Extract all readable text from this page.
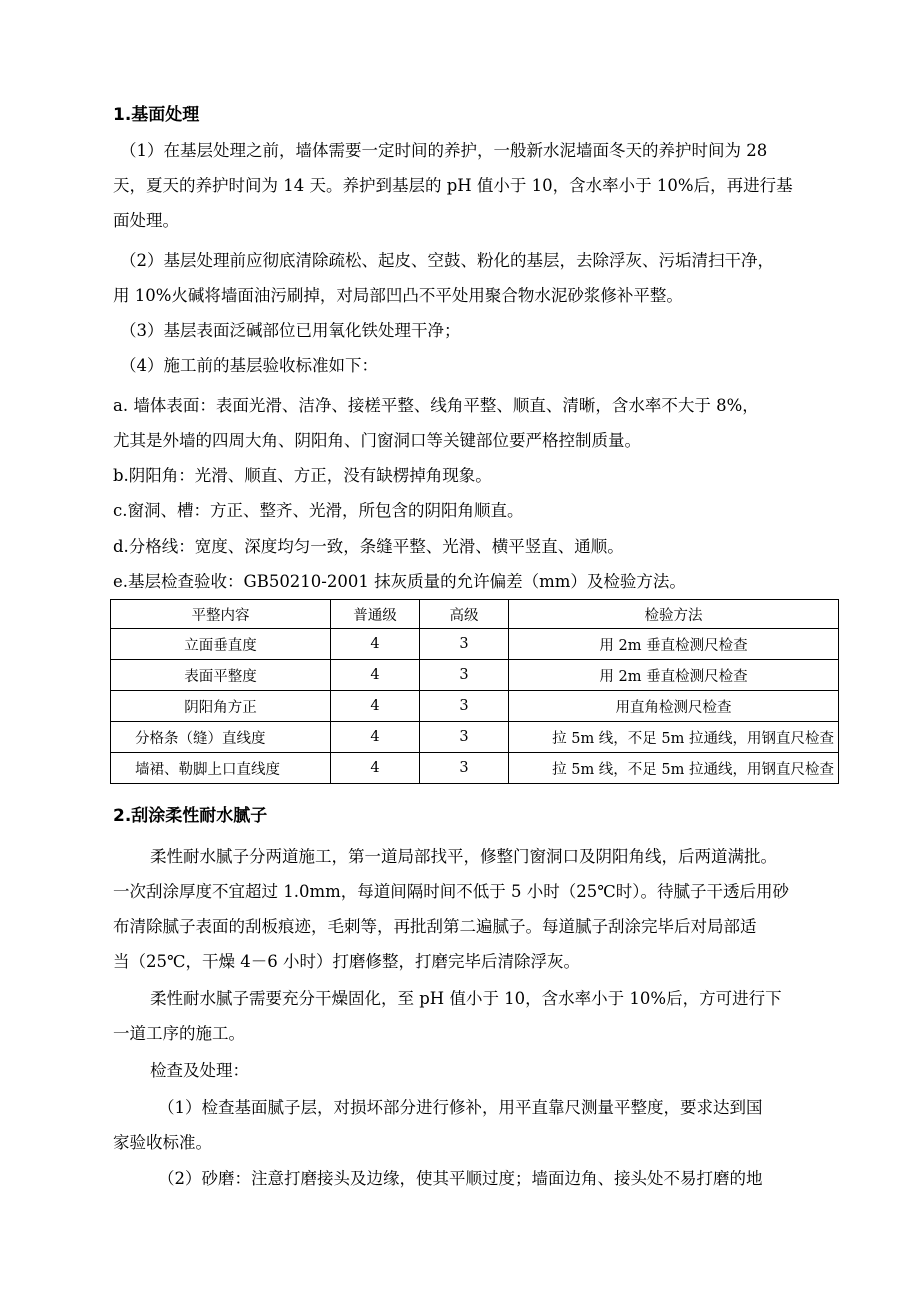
1.基面处理

（1）在基层处理之前，墙体需要一定时间的养护，一般新水泥墙面冬天的养护时间为 28

天，夏天的养护时间为 14 天。养护到基层的 pH 值小于 10，含水率小于 10%后，再进行基

面处理。

（2）基层处理前应彻底清除疏松、起皮、空鼓、粉化的基层，去除浮灰、污垢清扫干净，

用 10%火碱将墙面油污刷掉，对局部凹凸不平处用聚合物水泥砂浆修补平整。

（3）基层表面泛碱部位已用氧化铁处理干净；

（4）施工前的基层验收标准如下：

a. 墙体表面：表面光滑、洁净、接槎平整、线角平整、顺直、清晰，含水率不大于 8%，

尤其是外墙的四周大角、阴阳角、门窗洞口等关键部位要严格控制质量。

b.阴阳角：光滑、顺直、方正，没有缺楞掉角现象。

c.窗洞、槽：方正、整齐、光滑，所包含的阴阳角顺直。

d.分格线：宽度、深度均匀一致，条缝平整、光滑、横平竖直、通顺。

e.基层检查验收：GB50210-2001 抹灰质量的允许偏差（mm）及检验方法。

平整内容	普通级	高级	检验方法
立面垂直度	4	3	用 2m 垂直检测尺检查
表面平整度	4	3	用 2m 垂直检测尺检查
阴阳角方正	4	3	用直角检测尺检查
分格条（缝）直线度	4	3	拉 5m 线，不足 5m 拉通线，用钢直尺检查
墙裙、勒脚上口直线度	4	3	拉 5m 线，不足 5m 拉通线，用钢直尺检查
2.刮涂柔性耐水腻子

柔性耐水腻子分两道施工，第一道局部找平，修整门窗洞口及阴阳角线，后两道满批。

一次刮涂厚度不宜超过 1.0mm，每道间隔时间不低于 5 小时（25℃时）。待腻子干透后用砂

布清除腻子表面的刮板痕迹，毛刺等，再批刮第二遍腻子。每道腻子刮涂完毕后对局部适

当（25℃，干燥 4－6 小时）打磨修整，打磨完毕后清除浮灰。

柔性耐水腻子需要充分干燥固化，至 pH 值小于 10，含水率小于 10%后，方可进行下

一道工序的施工。

检查及处理：

（1）检查基面腻子层，对损坏部分进行修补，用平直靠尺测量平整度，要求达到国

家验收标准。

（2）砂磨：注意打磨接头及边缘，使其平顺过度；墙面边角、接头处不易打磨的地
